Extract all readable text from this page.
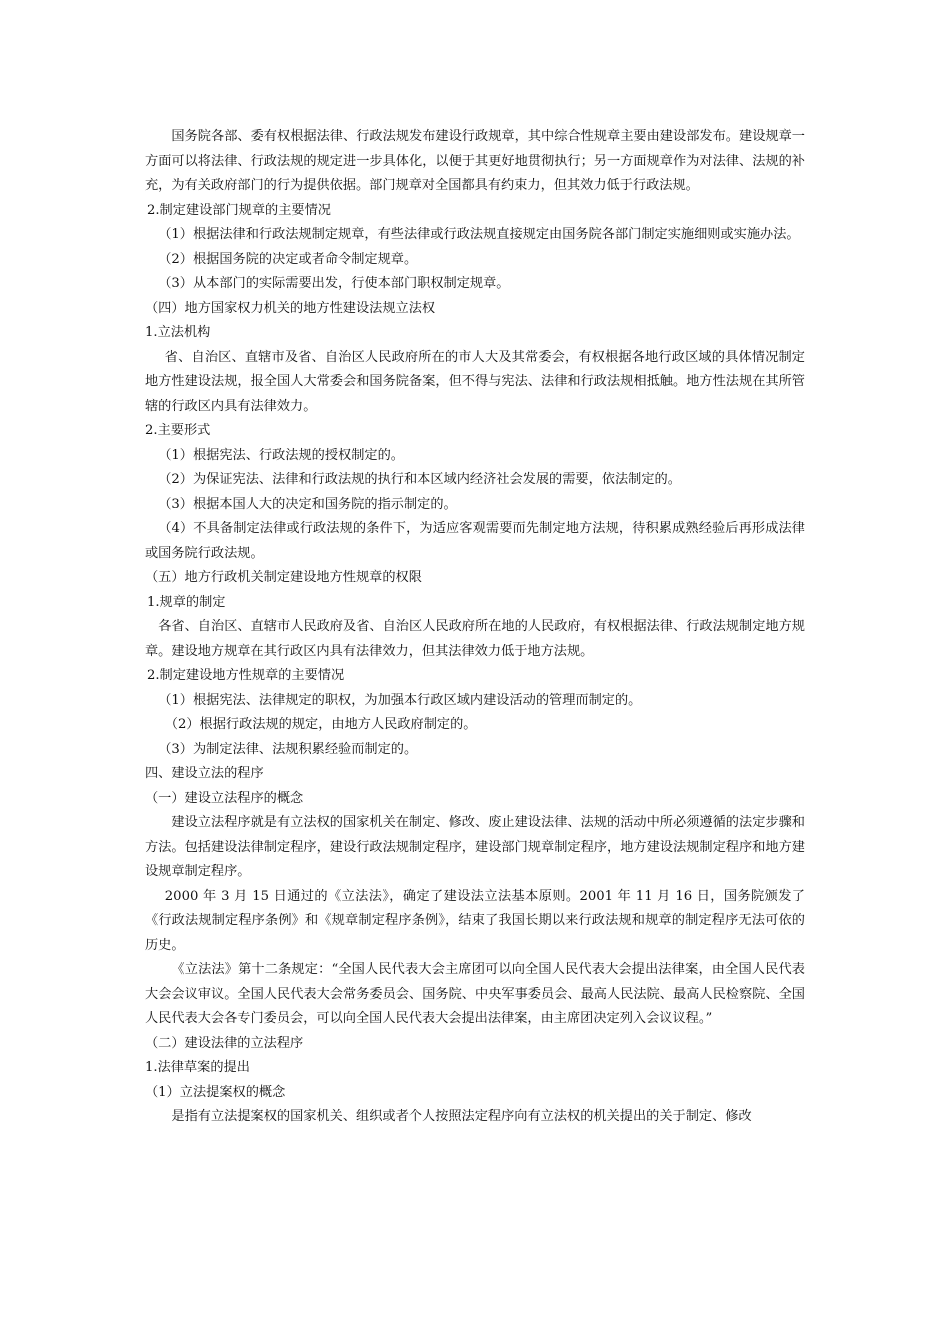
国务院各部、委有权根据法律、行政法规发布建设行政规章，其中综合性规章主要由建设部发布。建设规章一方面可以将法律、行政法规的规定进一步具体化，以便于其更好地贯彻执行；另一方面规章作为对法律、法规的补充，为有关政府部门的行为提供依据。部门规章对全国都具有约束力，但其效力低于行政法规。

2.制定建设部门规章的主要情况

（1）根据法律和行政法规制定规章，有些法律或行政法规直接规定由国务院各部门制定实施细则或实施办法。

（2）根据国务院的决定或者命令制定规章。

（3）从本部门的实际需要出发，行使本部门职权制定规章。

（四）地方国家权力机关的地方性建设法规立法权

1.立法机构

省、自治区、直辖市及省、自治区人民政府所在的市人大及其常委会，有权根据各地行政区域的具体情况制定地方性建设法规，报全国人大常委会和国务院备案，但不得与宪法、法律和行政法规相抵触。地方性法规在其所管辖的行政区内具有法律效力。

2.主要形式

（1）根据宪法、行政法规的授权制定的。

（2）为保证宪法、法律和行政法规的执行和本区域内经济社会发展的需要，依法制定的。

（3）根据本国人大的决定和国务院的指示制定的。

（4）不具备制定法律或行政法规的条件下，为适应客观需要而先制定地方法规，待积累成熟经验后再形成法律或国务院行政法规。

（五）地方行政机关制定建设地方性规章的权限

1.规章的制定

各省、自治区、直辖市人民政府及省、自治区人民政府所在地的人民政府，有权根据法律、行政法规制定地方规章。建设地方规章在其行政区内具有法律效力，但其法律效力低于地方法规。

2.制定建设地方性规章的主要情况

（1）根据宪法、法律规定的职权，为加强本行政区域内建设活动的管理而制定的。

（2）根据行政法规的规定，由地方人民政府制定的。

（3）为制定法律、法规积累经验而制定的。

四、建设立法的程序

（一）建设立法程序的概念

建设立法程序就是有立法权的国家机关在制定、修改、废止建设法律、法规的活动中所必须遵循的法定步骤和方法。包括建设法律制定程序，建设行政法规制定程序，建设部门规章制定程序，地方建设法规制定程序和地方建设规章制定程序。

2000 年 3 月 15 日通过的《立法法》，确定了建设法立法基本原则。2001 年 11 月 16 日，国务院颁发了《行政法规制定程序条例》和《规章制定程序条例》，结束了我国长期以来行政法规和规章的制定程序无法可依的历史。

《立法法》第十二条规定：“全国人民代表大会主席团可以向全国人民代表大会提出法律案，由全国人民代表大会会议审议。全国人民代表大会常务委员会、国务院、中央军事委员会、最高人民法院、最高人民检察院、全国人民代表大会各专门委员会，可以向全国人民代表大会提出法律案，由主席团决定列入会议议程。”

（二）建设法律的立法程序

1.法律草案的提出

（1）立法提案权的概念

是指有立法提案权的国家机关、组织或者个人按照法定程序向有立法权的机关提出的关于制定、修改
